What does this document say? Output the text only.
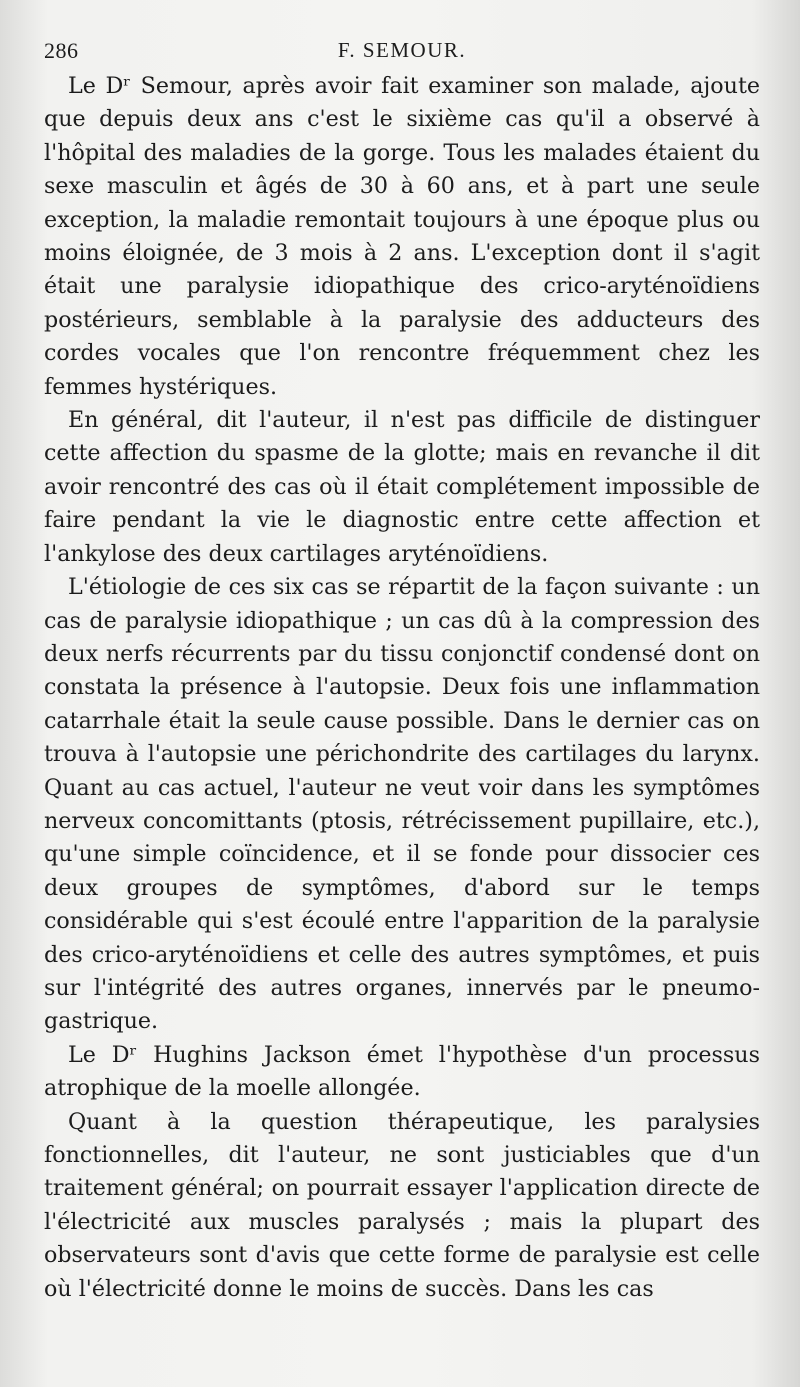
286	F. SEMOUR.

Le Dʳ Semour, après avoir fait examiner son malade, ajoute que depuis deux ans c'est le sixième cas qu'il a observé à l'hôpital des maladies de la gorge. Tous les malades étaient du sexe masculin et âgés de 30 à 60 ans, et à part une seule exception, la maladie remontait toujours à une époque plus ou moins éloignée, de 3 mois à 2 ans. L'exception dont il s'agit était une paralysie idiopathique des crico-aryténoïdiens postérieurs, semblable à la paralysie des adducteurs des cordes vocales que l'on rencontre fréquemment chez les femmes hystériques.

En général, dit l'auteur, il n'est pas difficile de distinguer cette affection du spasme de la glotte; mais en revanche il dit avoir rencontré des cas où il était complétement impossible de faire pendant la vie le diagnostic entre cette affection et l'ankylose des deux cartilages aryténoïdiens.

L'étiologie de ces six cas se répartit de la façon suivante : un cas de paralysie idiopathique ; un cas dû à la compression des deux nerfs récurrents par du tissu conjonctif condensé dont on constata la présence à l'autopsie. Deux fois une inflammation catarrhale était la seule cause possible. Dans le dernier cas on trouva à l'autopsie une périchondrite des cartilages du larynx. Quant au cas actuel, l'auteur ne veut voir dans les symptômes nerveux concomittants (ptosis, rétrécissement pupillaire, etc.), qu'une simple coïncidence, et il se fonde pour dissocier ces deux groupes de symptômes, d'abord sur le temps considérable qui s'est écoulé entre l'apparition de la paralysie des crico-aryténoïdiens et celle des autres symptômes, et puis sur l'intégrité des autres organes, innervés par le pneumo-gastrique.

Le Dʳ Hughins Jackson émet l'hypothèse d'un processus atrophique de la moelle allongée.

Quant à la question thérapeutique, les paralysies fonctionnelles, dit l'auteur, ne sont justiciables que d'un traitement général; on pourrait essayer l'application directe de l'électricité aux muscles paralysés ; mais la plupart des observateurs sont d'avis que cette forme de paralysie est celle où l'électricité donne le moins de succès. Dans les cas
